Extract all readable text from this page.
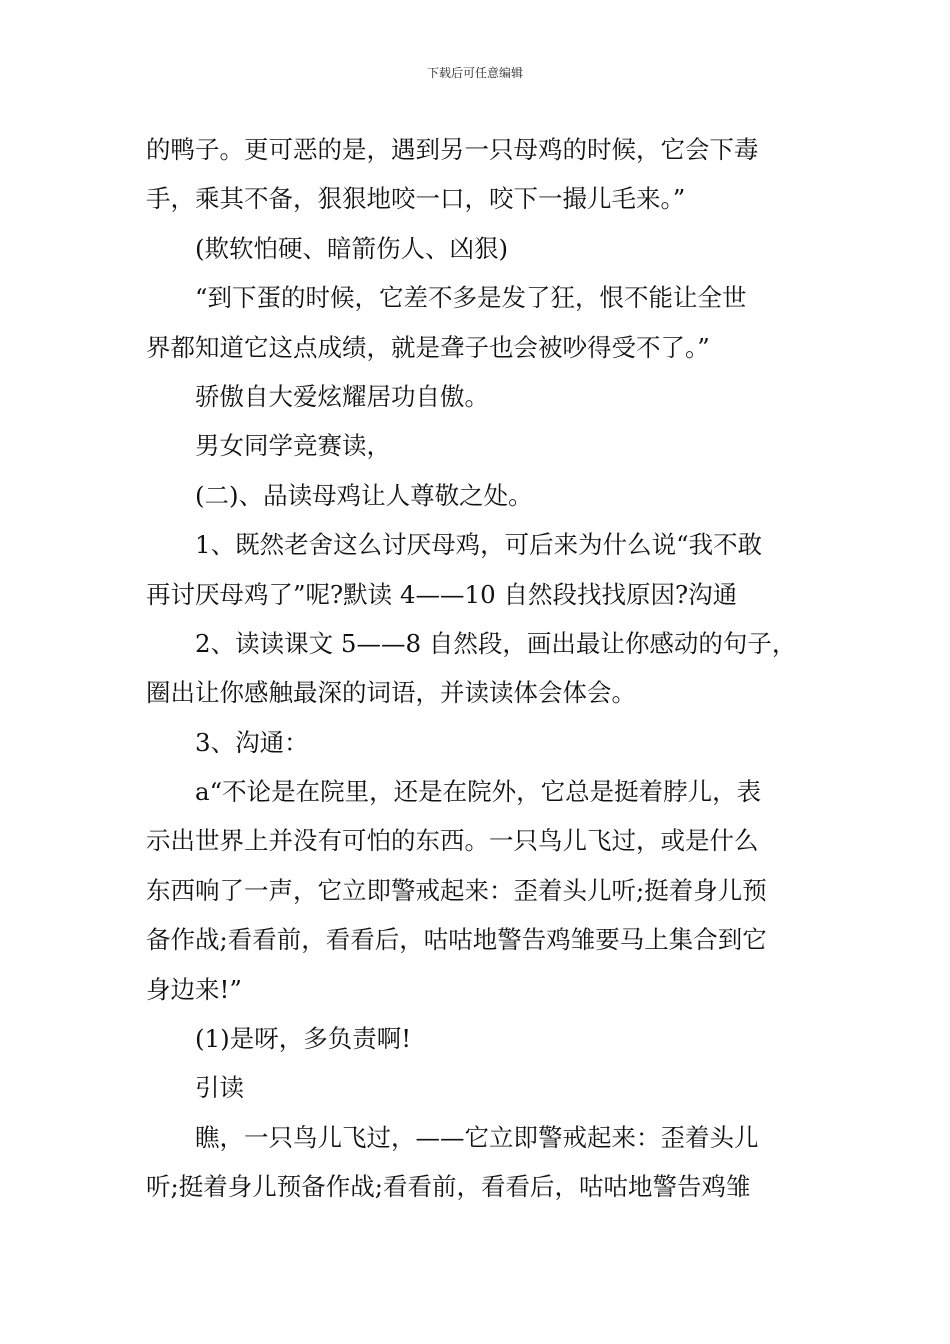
下载后可任意编辑
的鸭子。更可恶的是，遇到另一只母鸡的时候，它会下毒
手，乘其不备，狠狠地咬一口，咬下一撮儿毛来。”
(欺软怕硬、暗箭伤人、凶狠)
“到下蛋的时候，它差不多是发了狂，恨不能让全世
界都知道它这点成绩，就是聋子也会被吵得受不了。”
骄傲自大爱炫耀居功自傲。
男女同学竞赛读，
(二)、品读母鸡让人尊敬之处。
1、既然老舍这么讨厌母鸡，可后来为什么说“我不敢
再讨厌母鸡了”呢?默读 4——10 自然段找找原因?沟通
2、读读课文 5——8 自然段，画出最让你感动的句子，
圈出让你感触最深的词语，并读读体会体会。
3、沟通：
a“不论是在院里，还是在院外，它总是挺着脖儿，表
示出世界上并没有可怕的东西。一只鸟儿飞过，或是什么
东西响了一声，它立即警戒起来：歪着头儿听;挺着身儿预
备作战;看看前，看看后，咕咕地警告鸡雏要马上集合到它
身边来!”
(1)是呀，多负责啊!
引读
瞧，一只鸟儿飞过，——它立即警戒起来：歪着头儿
听;挺着身儿预备作战;看看前，看看后，咕咕地警告鸡雏
